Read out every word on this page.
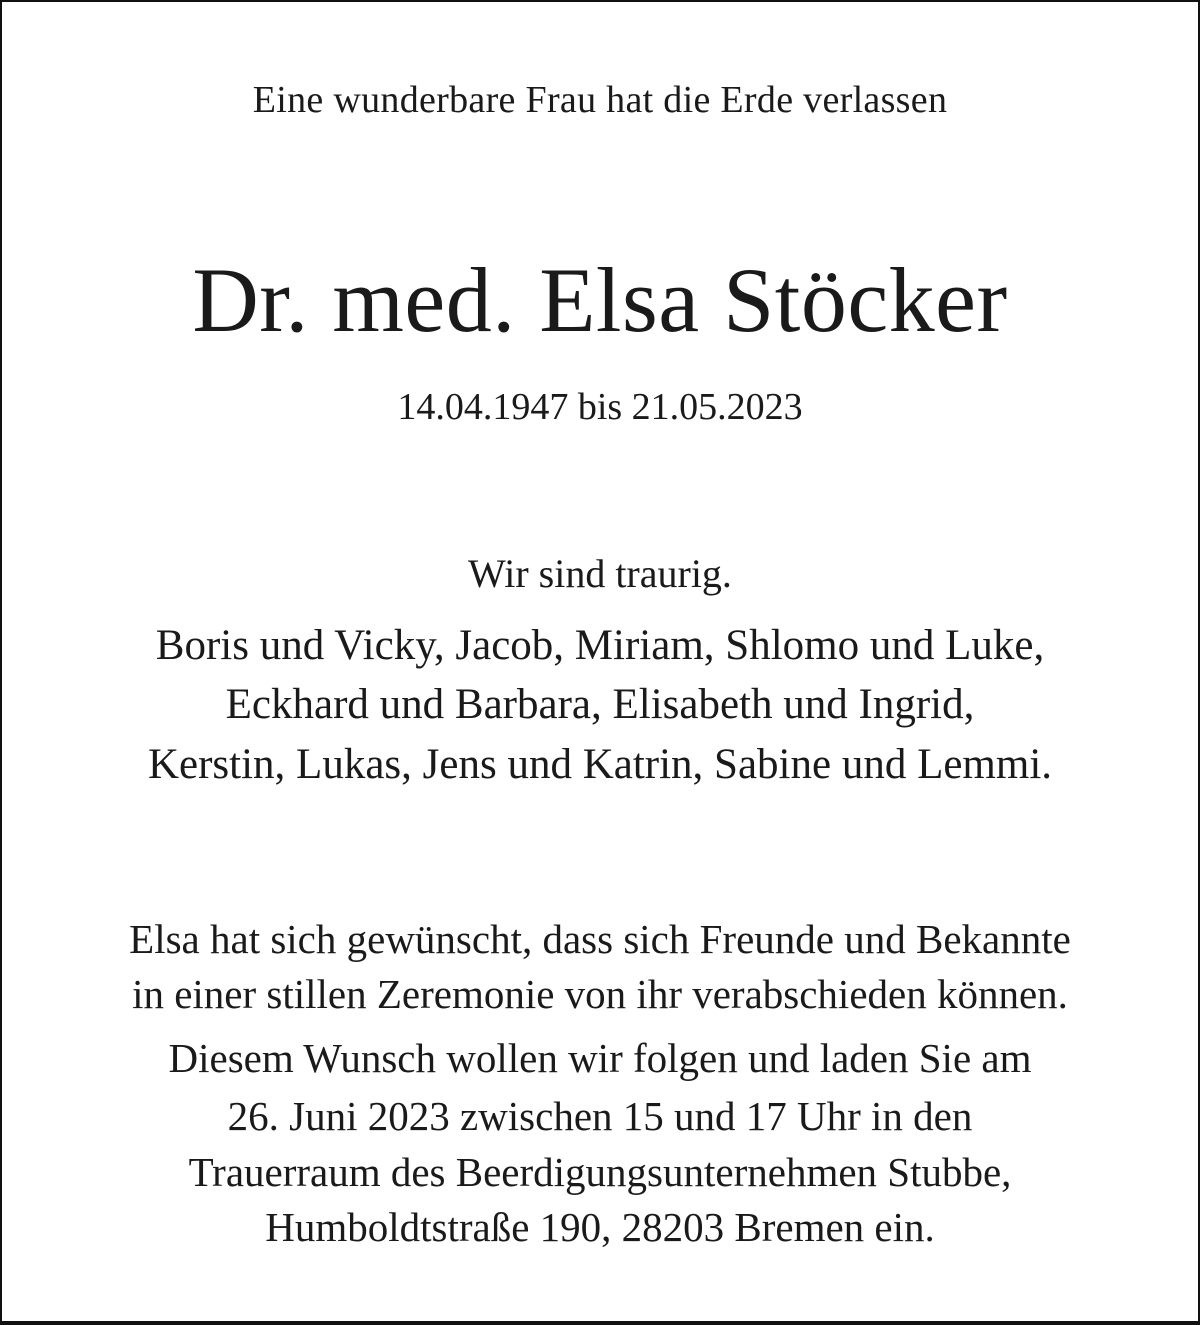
Eine wunderbare Frau hat die Erde verlassen
Dr. med. Elsa Stöcker
14.04.1947 bis 21.05.2023
Wir sind traurig.
Boris und Vicky, Jacob, Miriam, Shlomo und Luke,
Eckhard und Barbara, Elisabeth und Ingrid,
Kerstin, Lukas, Jens und Katrin, Sabine und Lemmi.
Elsa hat sich gewünscht, dass sich Freunde und Bekannte
in einer stillen Zeremonie von ihr verabschieden können.
Diesem Wunsch wollen wir folgen und laden Sie am
26. Juni 2023 zwischen 15 und 17 Uhr in den
Trauerraum des Beerdigungsunternehmen Stubbe,
Humboldtstraße 190, 28203 Bremen ein.
